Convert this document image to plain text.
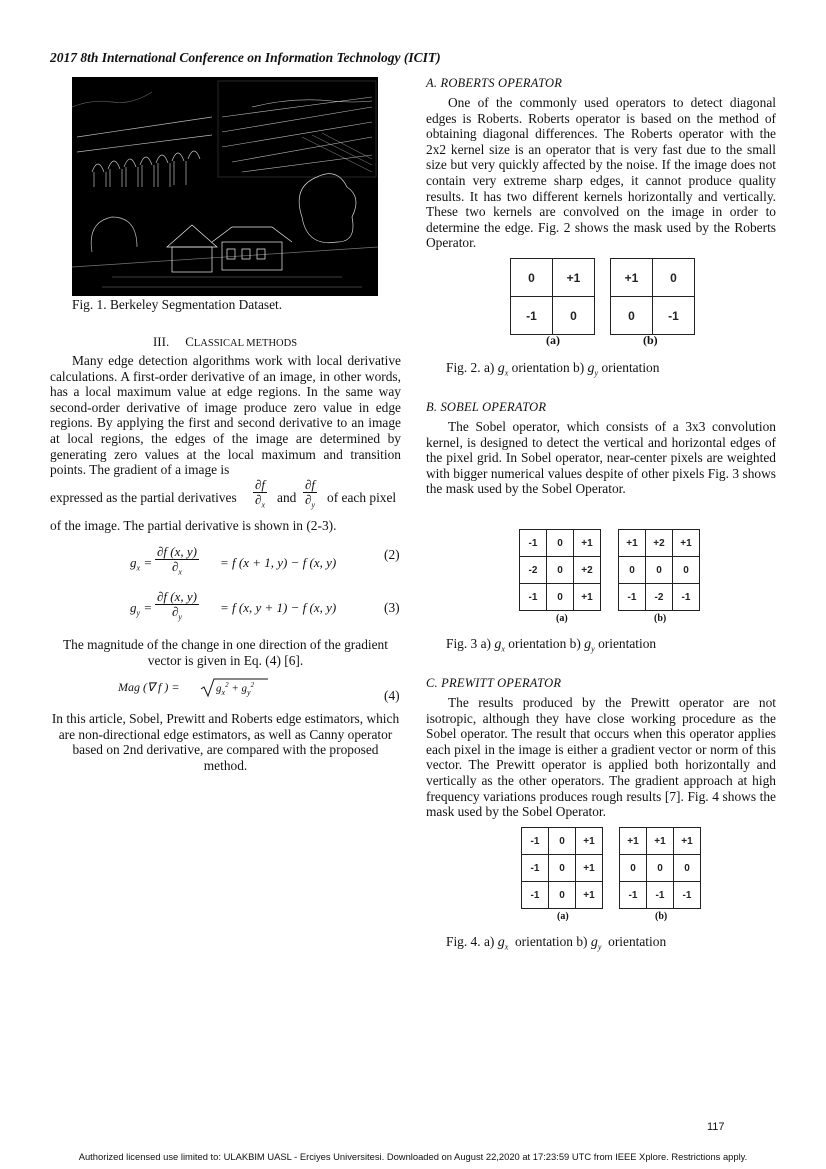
2017 8th International Conference on Information Technology (ICIT)
Fig. 1. Berkeley Segmentation Dataset.
III. CLASSICAL METHODS
Many edge detection algorithms work with local derivative calculations. A first-order derivative of an image, in other words, has a local maximum value at edge regions. In the same way second-order derivative of image produce zero value in edge regions. By applying the first and second derivative to an image at local regions, the edges of the image are determined by generating zero values at the local maximum and transition points. The gradient of a image is
expressed as the partial derivatives $\frac{\partial f}{\partial_x}$ and $\frac{\partial f}{\partial_y}$ of each pixel
of the image. The partial derivative is shown in (2-3).
$g_x = \frac{\partial f (x, y)}{\partial_x} = f$ (x + 1, y) − f (x, y)
(2)
$g_y = \frac{\partial f (x, y)}{\partial_y} = f$ (x, y + 1) − f (x, y)	(3)
The magnitude of the change in one direction of the gradient vector is given in Eq. (4) [6].
Mag (∇ f ) =	$g_x^2 + g_y^2$
(4)
In this article, Sobel, Prewitt and Roberts edge estimators, which are non-directional edge estimators, as well as Canny operator based on 2nd derivative, are compared with the proposed method.
A. ROBERTS OPERATOR
One of the commonly used operators to detect diagonal edges is Roberts. Roberts operator is based on the method of obtaining diagonal differences. The Roberts operator with the 2x2 kernel size is an operator that is very fast due to the small size but very quickly affected by the noise. If the image does not contain very extreme sharp edges, it cannot produce quality results. It has two different kernels horizontally and vertically. These two kernels are convolved on the image in order to determine the edge. Fig. 2 shows the mask used by the Roberts Operator.
0	+1
-1	0
+1	0
0	-1
(a)	(b)
Fig. 2. a) $g_x$ orientation b) $g_y$ orientation
B. SOBEL OPERATOR
The Sobel operator, which consists of a 3x3 convolution kernel, is designed to detect the vertical and horizontal edges of the pixel grid. In Sobel operator, near-center pixels are weighted with bigger numerical values despite of other pixels Fig. 3 shows the mask used by the Sobel Operator.
-1	0	+1
-2	0	+2
-1	0	+1
+1	+2	+1
0	0	0
-1	-2	-1
(a)	(b)
Fig. 3 a) $g_x$ orientation b) $g_y$ orientation
C. PREWITT OPERATOR
The results produced by the Prewitt operator are not isotropic, although they have close working procedure as the Sobel operator. The result that occurs when this operator applies each pixel in the image is either a gradient vector or norm of this vector. The Prewitt operator is applied both horizontally and vertically as the other operators. The gradient approach at high frequency variations produces rough results [7]. Fig. 4 shows the mask used by the Sobel Operator.
-1	0	+1
-1	0	+1
-1	0	+1
+1	+1	+1
0	0	0
-1	-1	-1
(a)	(b)
Fig. 4. a) $g_x$ orientation b) $g_y$ orientation
117
Authorized licensed use limited to: ULAKBIM UASL - Erciyes Universitesi. Downloaded on August 22,2020 at 17:23:59 UTC from IEEE Xplore. Restrictions apply.
